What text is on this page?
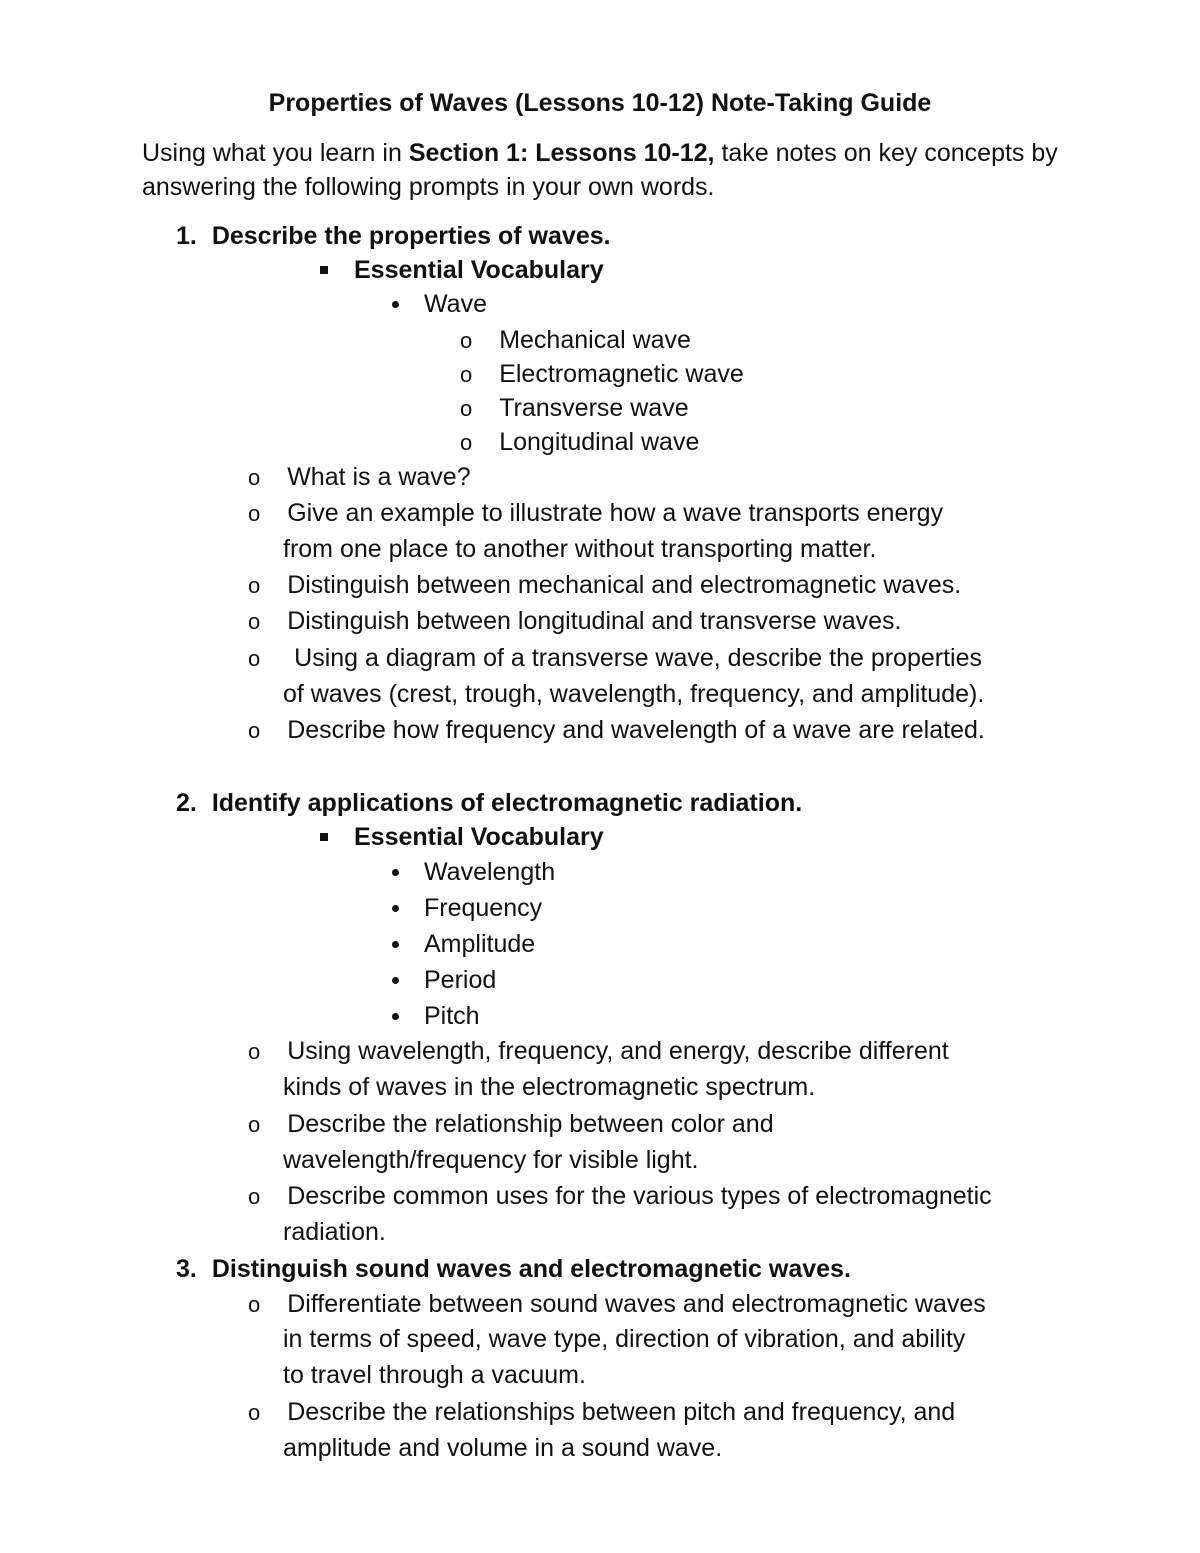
Properties of Waves (Lessons 10-12) Note-Taking Guide
Using what you learn in Section 1: Lessons 10-12, take notes on key concepts by answering the following prompts in your own words.
1. Describe the properties of waves.
Essential Vocabulary
Wave
o Mechanical wave
o Electromagnetic wave
o Transverse wave
o Longitudinal wave
o What is a wave?
o Give an example to illustrate how a wave transports energy
from one place to another without transporting matter.
o Distinguish between mechanical and electromagnetic waves.
o Distinguish between longitudinal and transverse waves.
o  Using a diagram of a transverse wave, describe the properties
of waves (crest, trough, wavelength, frequency, and amplitude).
o Describe how frequency and wavelength of a wave are related.
2. Identify applications of electromagnetic radiation.
Essential Vocabulary
Wavelength
Frequency
Amplitude
Period
Pitch
o Using wavelength, frequency, and energy, describe different
kinds of waves in the electromagnetic spectrum.
o Describe the relationship between color and
wavelength/frequency for visible light.
o Describe common uses for the various types of electromagnetic
radiation.
3. Distinguish sound waves and electromagnetic waves.
o Differentiate between sound waves and electromagnetic waves
in terms of speed, wave type, direction of vibration, and ability
to travel through a vacuum.
o Describe the relationships between pitch and frequency, and
amplitude and volume in a sound wave.
